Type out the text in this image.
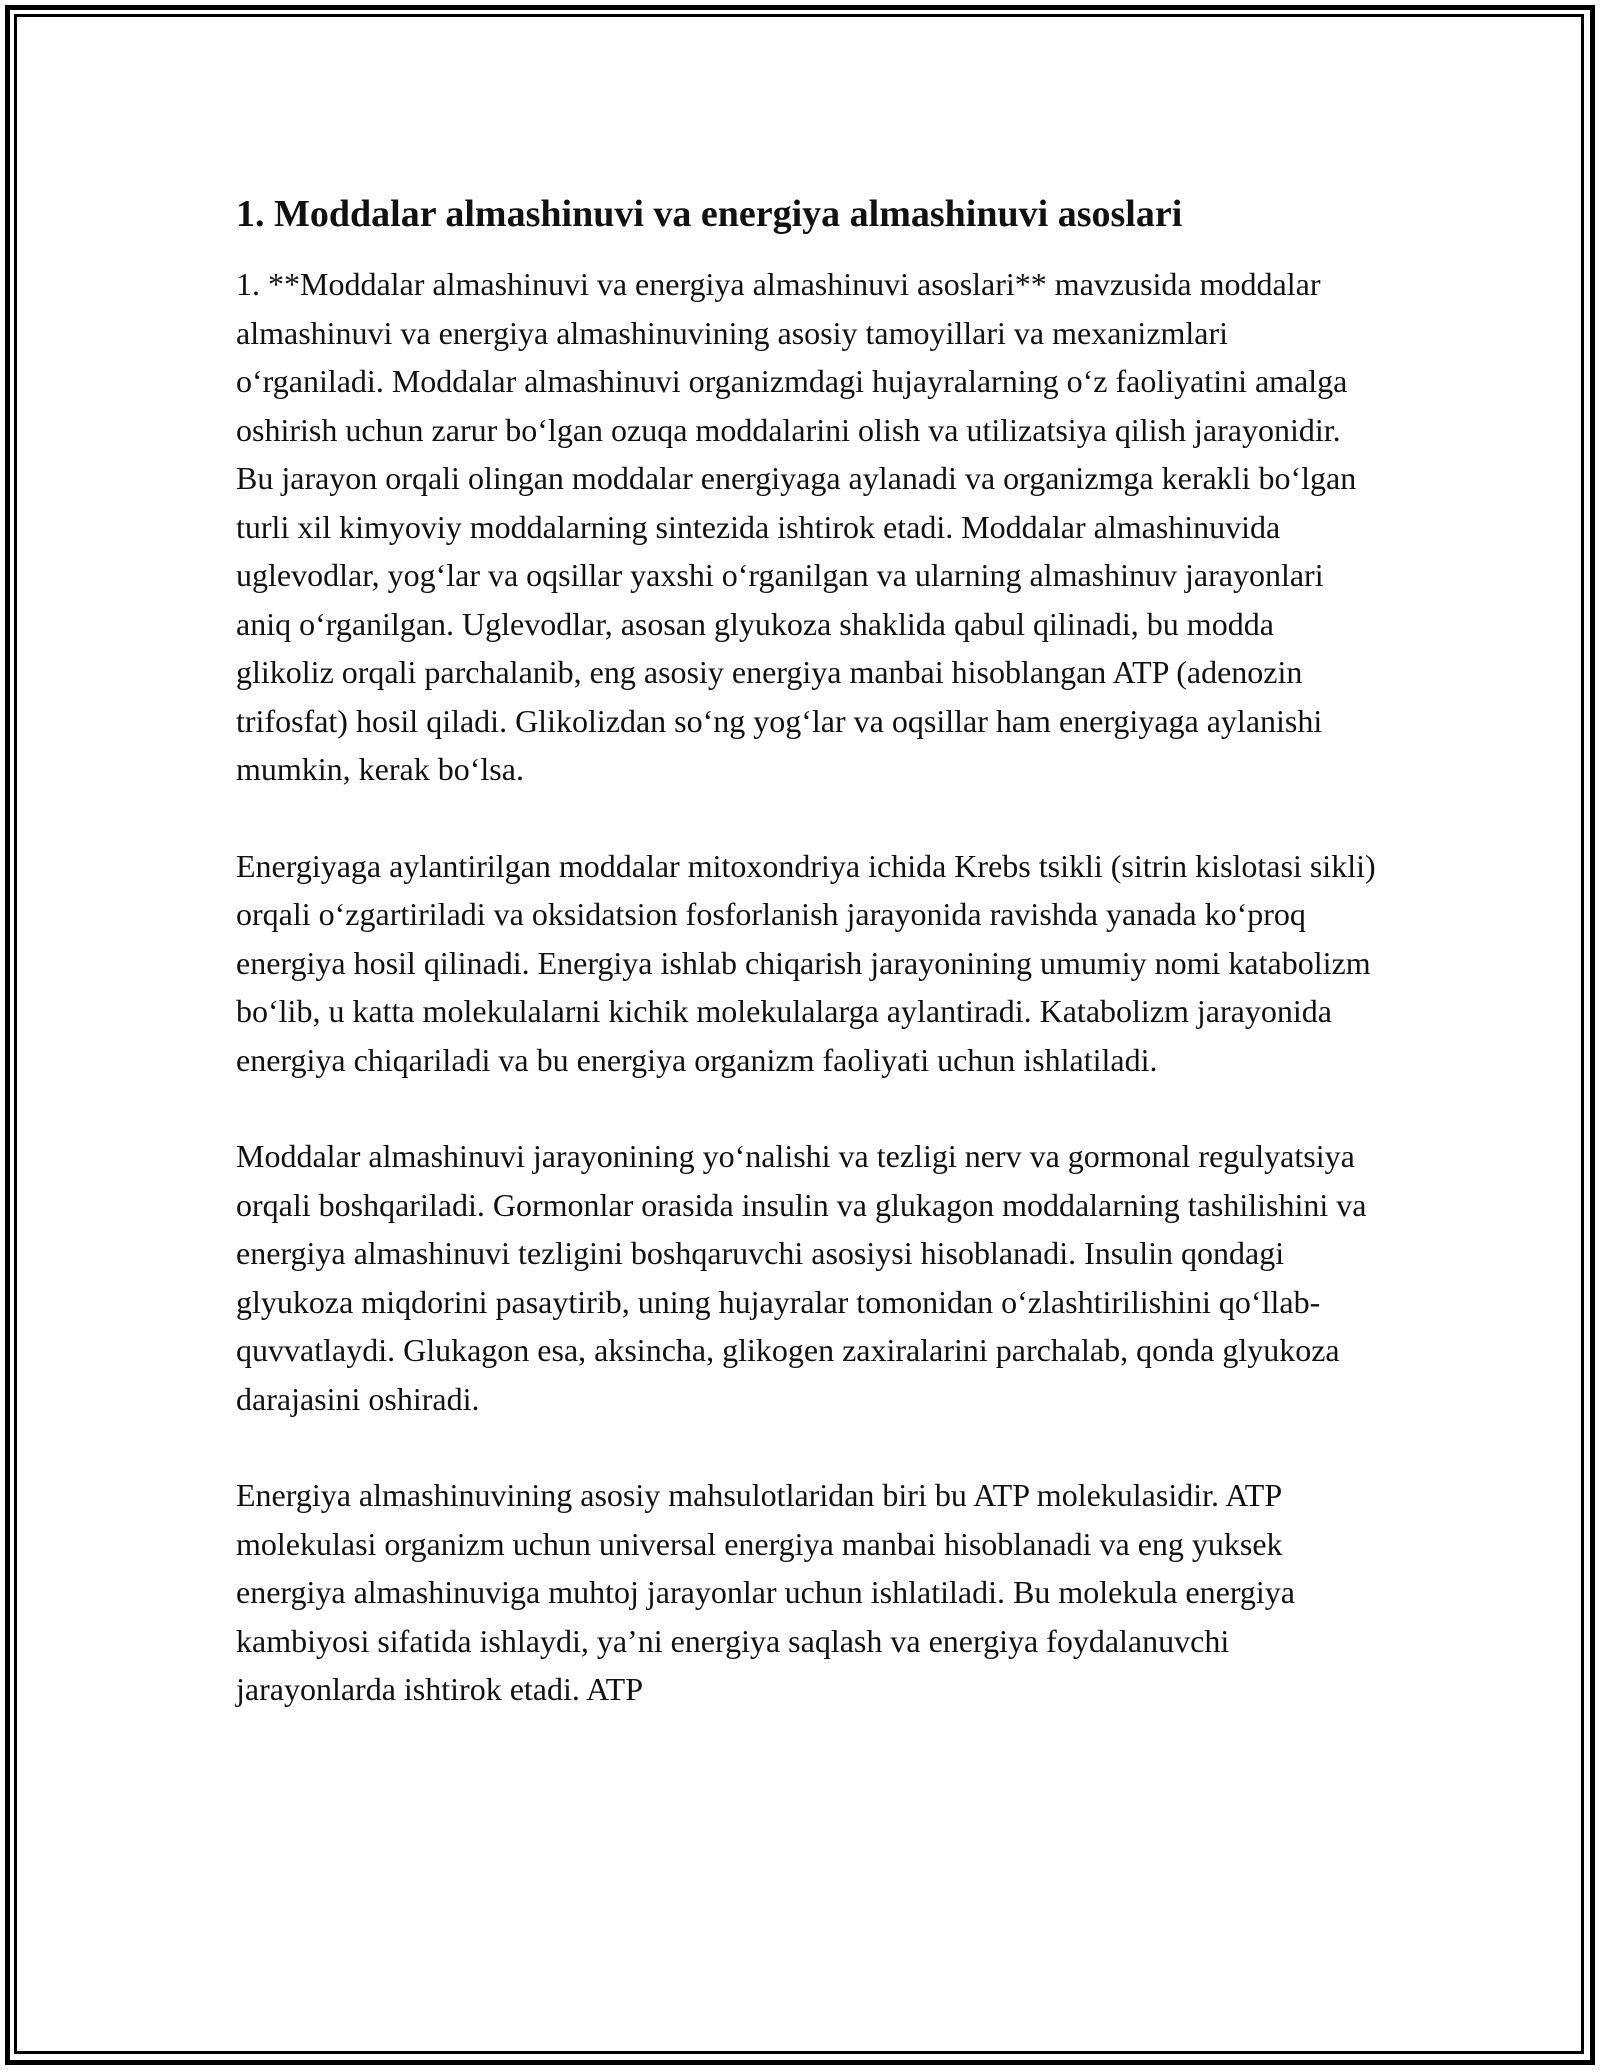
1. Moddalar almashinuvi va energiya almashinuvi asoslari

1. **Moddalar almashinuvi va energiya almashinuvi asoslari** mavzusida moddalar almashinuvi va energiya almashinuvining asosiy tamoyillari va mexanizmlari o‘rganiladi. Moddalar almashinuvi organizmdagi hujayralarning o‘z faoliyatini amalga oshirish uchun zarur bo‘lgan ozuqa moddalarini olish va utilizatsiya qilish jarayonidir. Bu jarayon orqali olingan moddalar energiyaga aylanadi va organizmga kerakli bo‘lgan turli xil kimyoviy moddalarning sintezida ishtirok etadi. Moddalar almashinuvida uglevodlar, yog‘lar va oqsillar yaxshi o‘rganilgan va ularning almashinuv jarayonlari aniq o‘rganilgan. Uglevodlar, asosan glyukoza shaklida qabul qilinadi, bu modda glikoliz orqali parchalanib, eng asosiy energiya manbai hisoblangan ATP (adenozin trifosfat) hosil qiladi. Glikolizdan so‘ng yog‘lar va oqsillar ham energiyaga aylanishi mumkin, kerak bo‘lsa.

Energiyaga aylantirilgan moddalar mitoxondriya ichida Krebs tsikli (sitrin kislotasi sikli) orqali o‘zgartiriladi va oksidatsion fosforlanish jarayonida ravishda yanada ko‘proq energiya hosil qilinadi. Energiya ishlab chiqarish jarayonining umumiy nomi katabolizm bo‘lib, u katta molekulalarni kichik molekulalarga aylantiradi. Katabolizm jarayonida energiya chiqariladi va bu energiya organizm faoliyati uchun ishlatiladi.

Moddalar almashinuvi jarayonining yo‘nalishi va tezligi nerv va gormonal regulyatsiya orqali boshqariladi. Gormonlar orasida insulin va glukagon moddalarning tashilishini va energiya almashinuvi tezligini boshqaruvchi asosiysi hisoblanadi. Insulin qondagi glyukoza miqdorini pasaytirib, uning hujayralar tomonidan o‘zlashtirilishini qo‘llab-quvvatlaydi. Glukagon esa, aksincha, glikogen zaxiralarini parchalab, qonda glyukoza darajasini oshiradi.

Energiya almashinuvining asosiy mahsulotlaridan biri bu ATP molekulasidir. ATP molekulasi organizm uchun universal energiya manbai hisoblanadi va eng yuksek energiya almashinuviga muhtoj jarayonlar uchun ishlatiladi. Bu molekula energiya kambiyosi sifatida ishlaydi, ya’ni energiya saqlash va energiya foydalanuvchi jarayonlarda ishtirok etadi. ATP
